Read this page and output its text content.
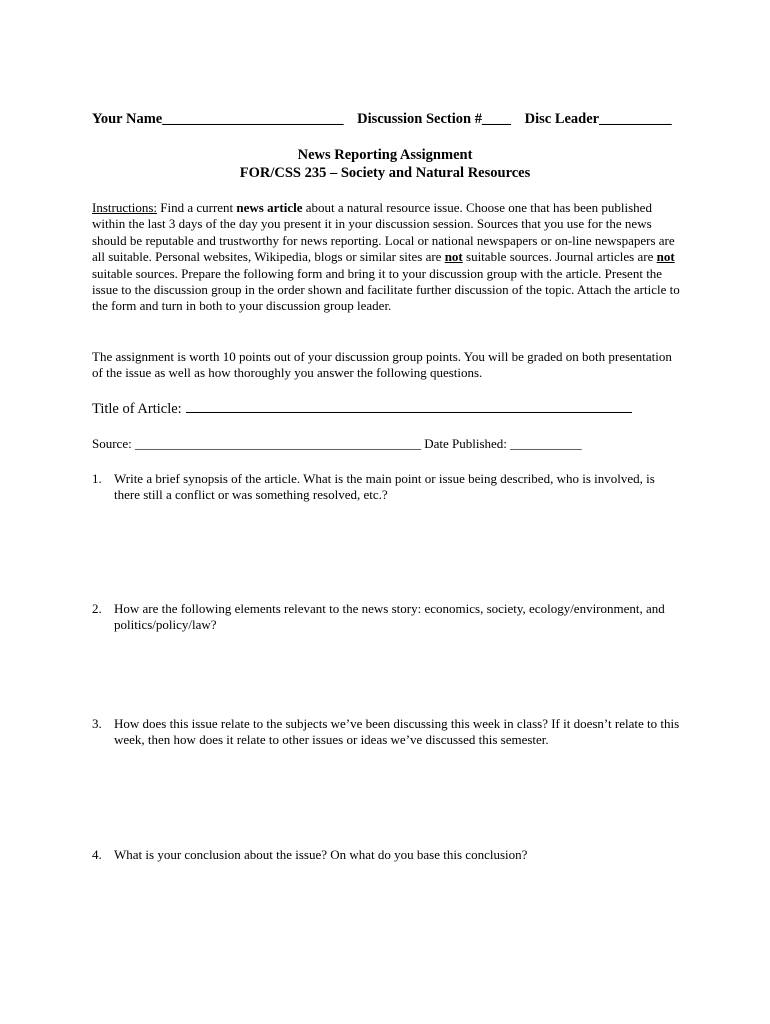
Your Name_________________________ Discussion Section #____ Disc Leader__________
News Reporting Assignment
FOR/CSS 235 – Society and Natural Resources
Instructions: Find a current news article about a natural resource issue. Choose one that has been published within the last 3 days of the day you present it in your discussion session. Sources that you use for the news should be reputable and trustworthy for news reporting. Local or national newspapers or on-line newspapers are all suitable. Personal websites, Wikipedia, blogs or similar sites are not suitable sources. Journal articles are not suitable sources. Prepare the following form and bring it to your discussion group with the article. Present the issue to the discussion group in the order shown and facilitate further discussion of the topic. Attach the article to the form and turn in both to your discussion group leader.
The assignment is worth 10 points out of your discussion group points. You will be graded on both presentation of the issue as well as how thoroughly you answer the following questions.
Title of Article:
Source: ____________________________________________ Date Published: ___________
1. Write a brief synopsis of the article. What is the main point or issue being described, who is involved, is there still a conflict or was something resolved, etc.?
2. How are the following elements relevant to the news story: economics, society, ecology/environment, and politics/policy/law?
3. How does this issue relate to the subjects we’ve been discussing this week in class? If it doesn’t relate to this week, then how does it relate to other issues or ideas we’ve discussed this semester.
4. What is your conclusion about the issue? On what do you base this conclusion?
